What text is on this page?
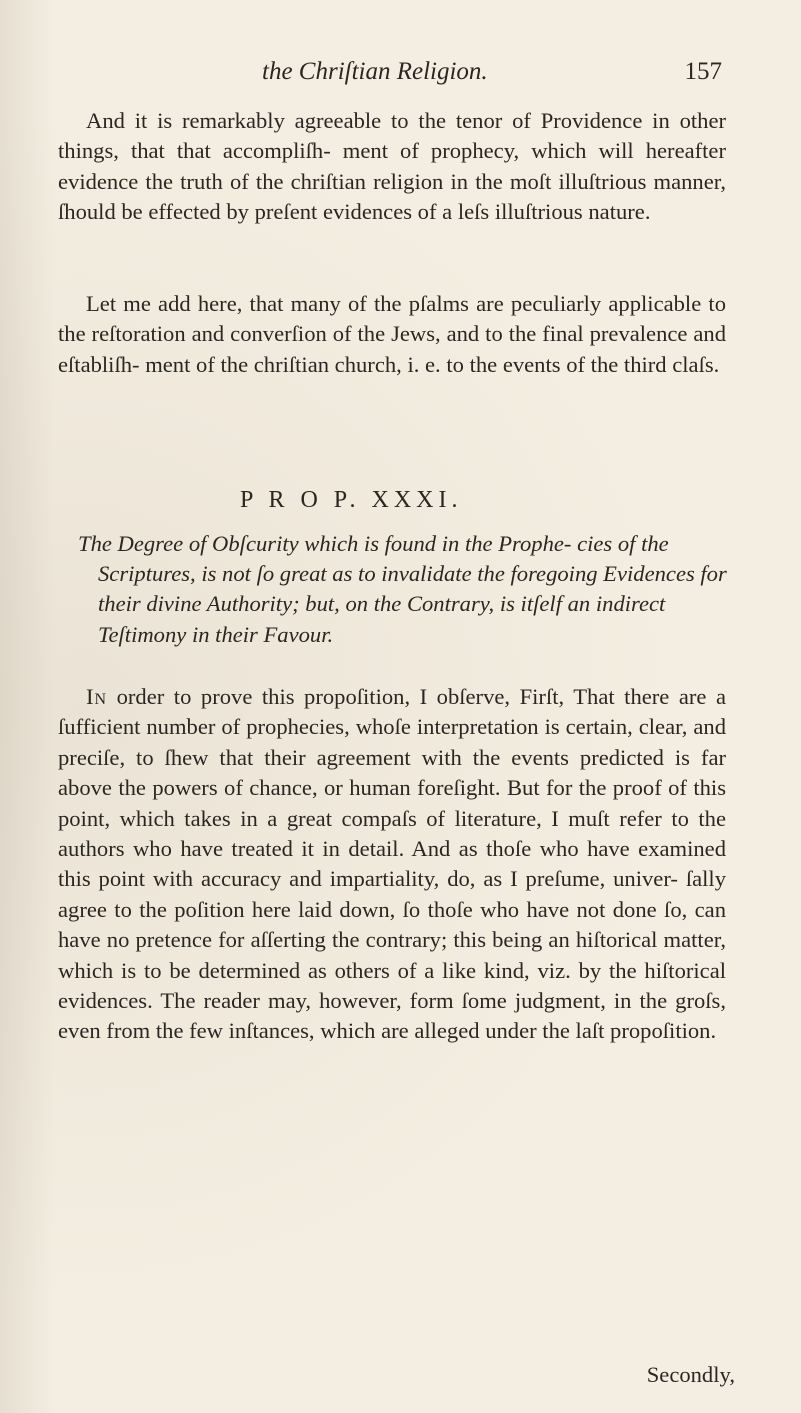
the Chriſtian Religion.	157
And it is remarkably agreeable to the tenor of Providence in other things, that that accompliſh- ment of prophecy, which will hereafter evidence the truth of the chriſtian religion in the moſt illuſtrious manner, ſhould be effected by preſent evidences of a leſs illuſtrious nature.
Let me add here, that many of the pſalms are peculiarly applicable to the reſtoration and converſion of the Jews, and to the final prevalence and eſtabliſh- ment of the chriſtian church, i. e. to the events of the third claſs.
P R O P. XXXI.
The Degree of Obſcurity which is found in the Prophe- cies of the Scriptures, is not ſo great as to invalidate the foregoing Evidences for their divine Authority; but, on the Contrary, is itſelf an indirect Teſtimony in their Favour.
In order to prove this propoſition, I obſerve, Firſt, That there are a ſufficient number of prophecies, whoſe interpretation is certain, clear, and preciſe, to ſhew that their agreement with the events predicted is far above the powers of chance, or human foreſight. But for the proof of this point, which takes in a great compaſs of literature, I muſt refer to the authors who have treated it in detail. And as thoſe who have examined this point with accuracy and impartiality, do, as I preſume, univer- ſally agree to the poſition here laid down, ſo thoſe who have not done ſo, can have no pretence for aſſerting the contrary; this being an hiſtorical matter, which is to be determined as others of a like kind, viz. by the hiſtorical evidences. The reader may, however, form ſome judgment, in the groſs, even from the few inſtances, which are alleged under the laſt propoſition.
Secondly,
